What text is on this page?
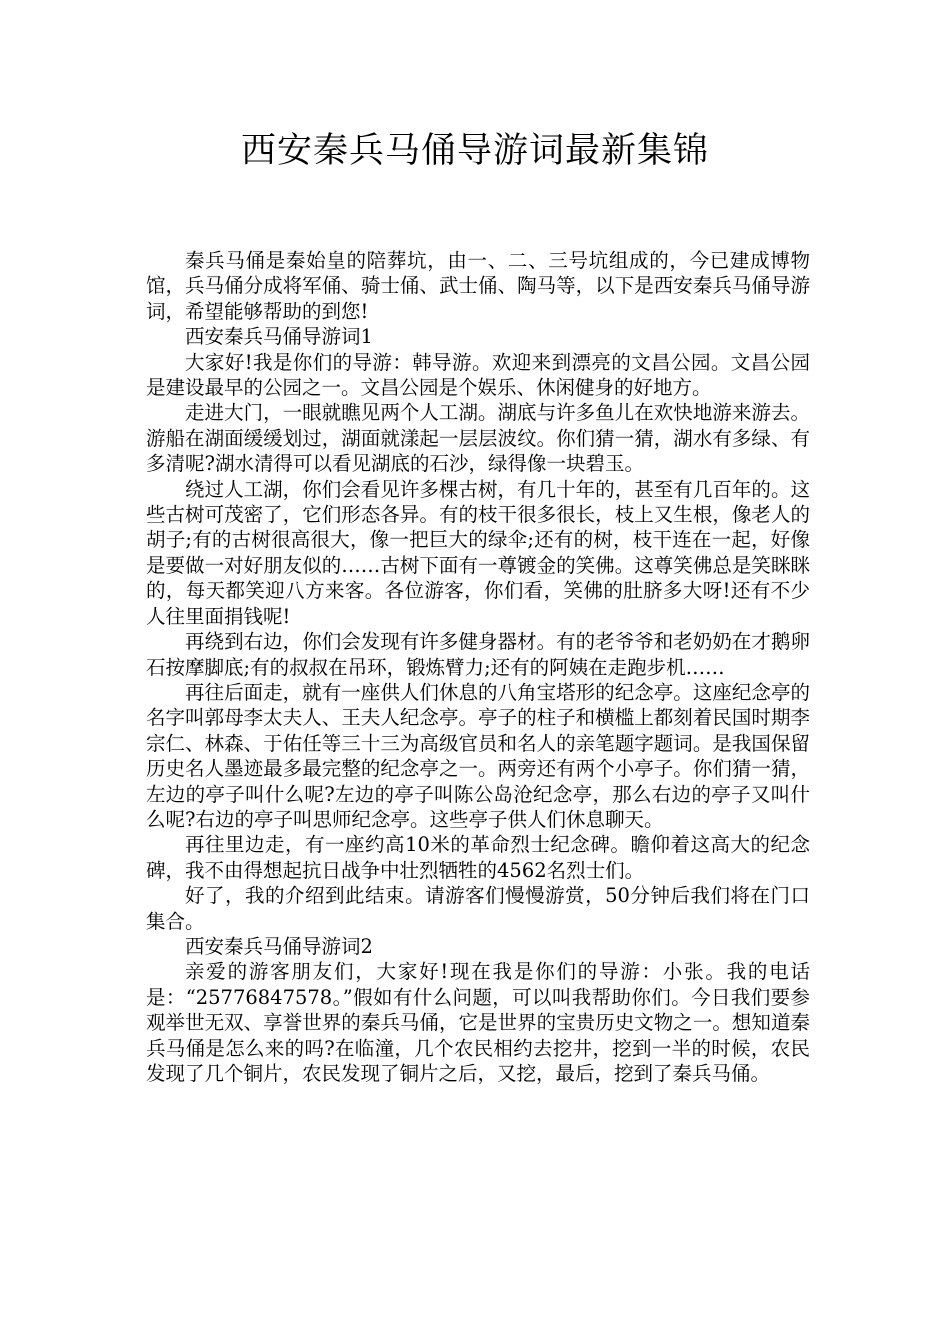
西安秦兵马俑导游词最新集锦

秦兵马俑是秦始皇的陪葬坑，由一、二、三号坑组成的，今已建成博物馆，兵马俑分成将军俑、骑士俑、武士俑、陶马等，以下是西安秦兵马俑导游词，希望能够帮助的到您!

西安秦兵马俑导游词1

大家好!我是你们的导游：韩导游。欢迎来到漂亮的文昌公园。文昌公园是建设最早的公园之一。文昌公园是个娱乐、休闲健身的好地方。

走进大门，一眼就瞧见两个人工湖。湖底与许多鱼儿在欢快地游来游去。游船在湖面缓缓划过，湖面就漾起一层层波纹。你们猜一猜，湖水有多绿、有多清呢?湖水清得可以看见湖底的石沙，绿得像一块碧玉。

绕过人工湖，你们会看见许多棵古树，有几十年的，甚至有几百年的。这些古树可茂密了，它们形态各异。有的枝干很多很长，枝上又生根，像老人的胡子;有的古树很高很大，像一把巨大的绿伞;还有的树，枝干连在一起，好像是要做一对好朋友似的……古树下面有一尊镀金的笑佛。这尊笑佛总是笑眯眯的，每天都笑迎八方来客。各位游客，你们看，笑佛的肚脐多大呀!还有不少人往里面捐钱呢!

再绕到右边，你们会发现有许多健身器材。有的老爷爷和老奶奶在才鹅卵石按摩脚底;有的叔叔在吊环，锻炼臂力;还有的阿姨在走跑步机……

再往后面走，就有一座供人们休息的八角宝塔形的纪念亭。这座纪念亭的名字叫郭母李太夫人、王夫人纪念亭。亭子的柱子和横槛上都刻着民国时期李宗仁、林森、于佑任等三十三为高级官员和名人的亲笔题字题词。是我国保留历史名人墨迹最多最完整的纪念亭之一。两旁还有两个小亭子。你们猜一猜，左边的亭子叫什么呢?左边的亭子叫陈公岛沧纪念亭，那么右边的亭子又叫什么呢?右边的亭子叫思师纪念亭。这些亭子供人们休息聊天。

再往里边走，有一座约高10米的革命烈士纪念碑。瞻仰着这高大的纪念碑，我不由得想起抗日战争中壮烈牺牲的4562名烈士们。

好了，我的介绍到此结束。请游客们慢慢游赏，50分钟后我们将在门口集合。

西安秦兵马俑导游词2

亲爱的游客朋友们，大家好!现在我是你们的导游：小张。我的电话是：“25776847578。”假如有什么问题，可以叫我帮助你们。今日我们要参观举世无双、享誉世界的秦兵马俑，它是世界的宝贵历史文物之一。想知道秦兵马俑是怎么来的吗?在临潼，几个农民相约去挖井，挖到一半的时候，农民发现了几个铜片，农民发现了铜片之后，又挖，最后，挖到了秦兵马俑。
